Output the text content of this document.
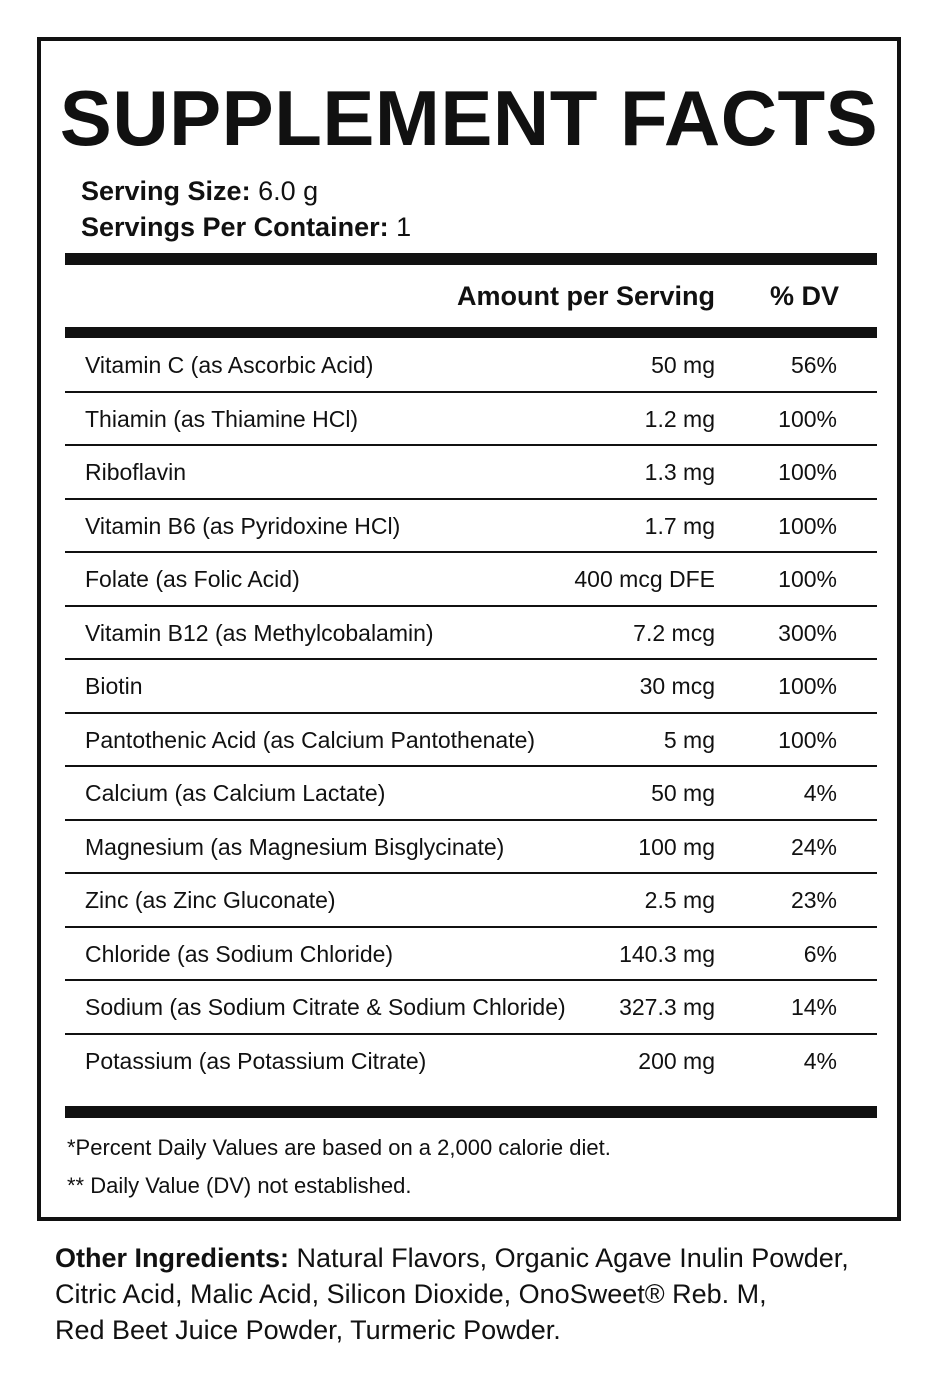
SUPPLEMENT FACTS
Serving Size: 6.0 g
Servings Per Container: 1
Amount per Serving % DV
Vitamin C (as Ascorbic Acid)	50 mg	56%
Thiamin (as Thiamine HCl)	1.2 mg	100%
Riboflavin	1.3 mg	100%
Vitamin B6 (as Pyridoxine HCl)	1.7 mg	100%
Folate (as Folic Acid)	400 mcg DFE	100%
Vitamin B12 (as Methylcobalamin)	7.2 mcg	300%
Biotin	30 mcg	100%
Pantothenic Acid (as Calcium Pantothenate)	5 mg	100%
Calcium (as Calcium Lactate)	50 mg	4%
Magnesium (as Magnesium Bisglycinate)	100 mg	24%
Zinc (as Zinc Gluconate)	2.5 mg	23%
Chloride (as Sodium Chloride)	140.3 mg	6%
Sodium (as Sodium Citrate & Sodium Chloride) 327.3 mg	14%
Potassium (as Potassium Citrate)	200 mg	4%
*Percent Daily Values are based on a 2,000 calorie diet.
** Daily Value (DV) not established.
Other Ingredients: Natural Flavors, Organic Agave Inulin Powder,
Citric Acid, Malic Acid, Silicon Dioxide, OnoSweet® Reb. M,
Red Beet Juice Powder, Turmeric Powder.
